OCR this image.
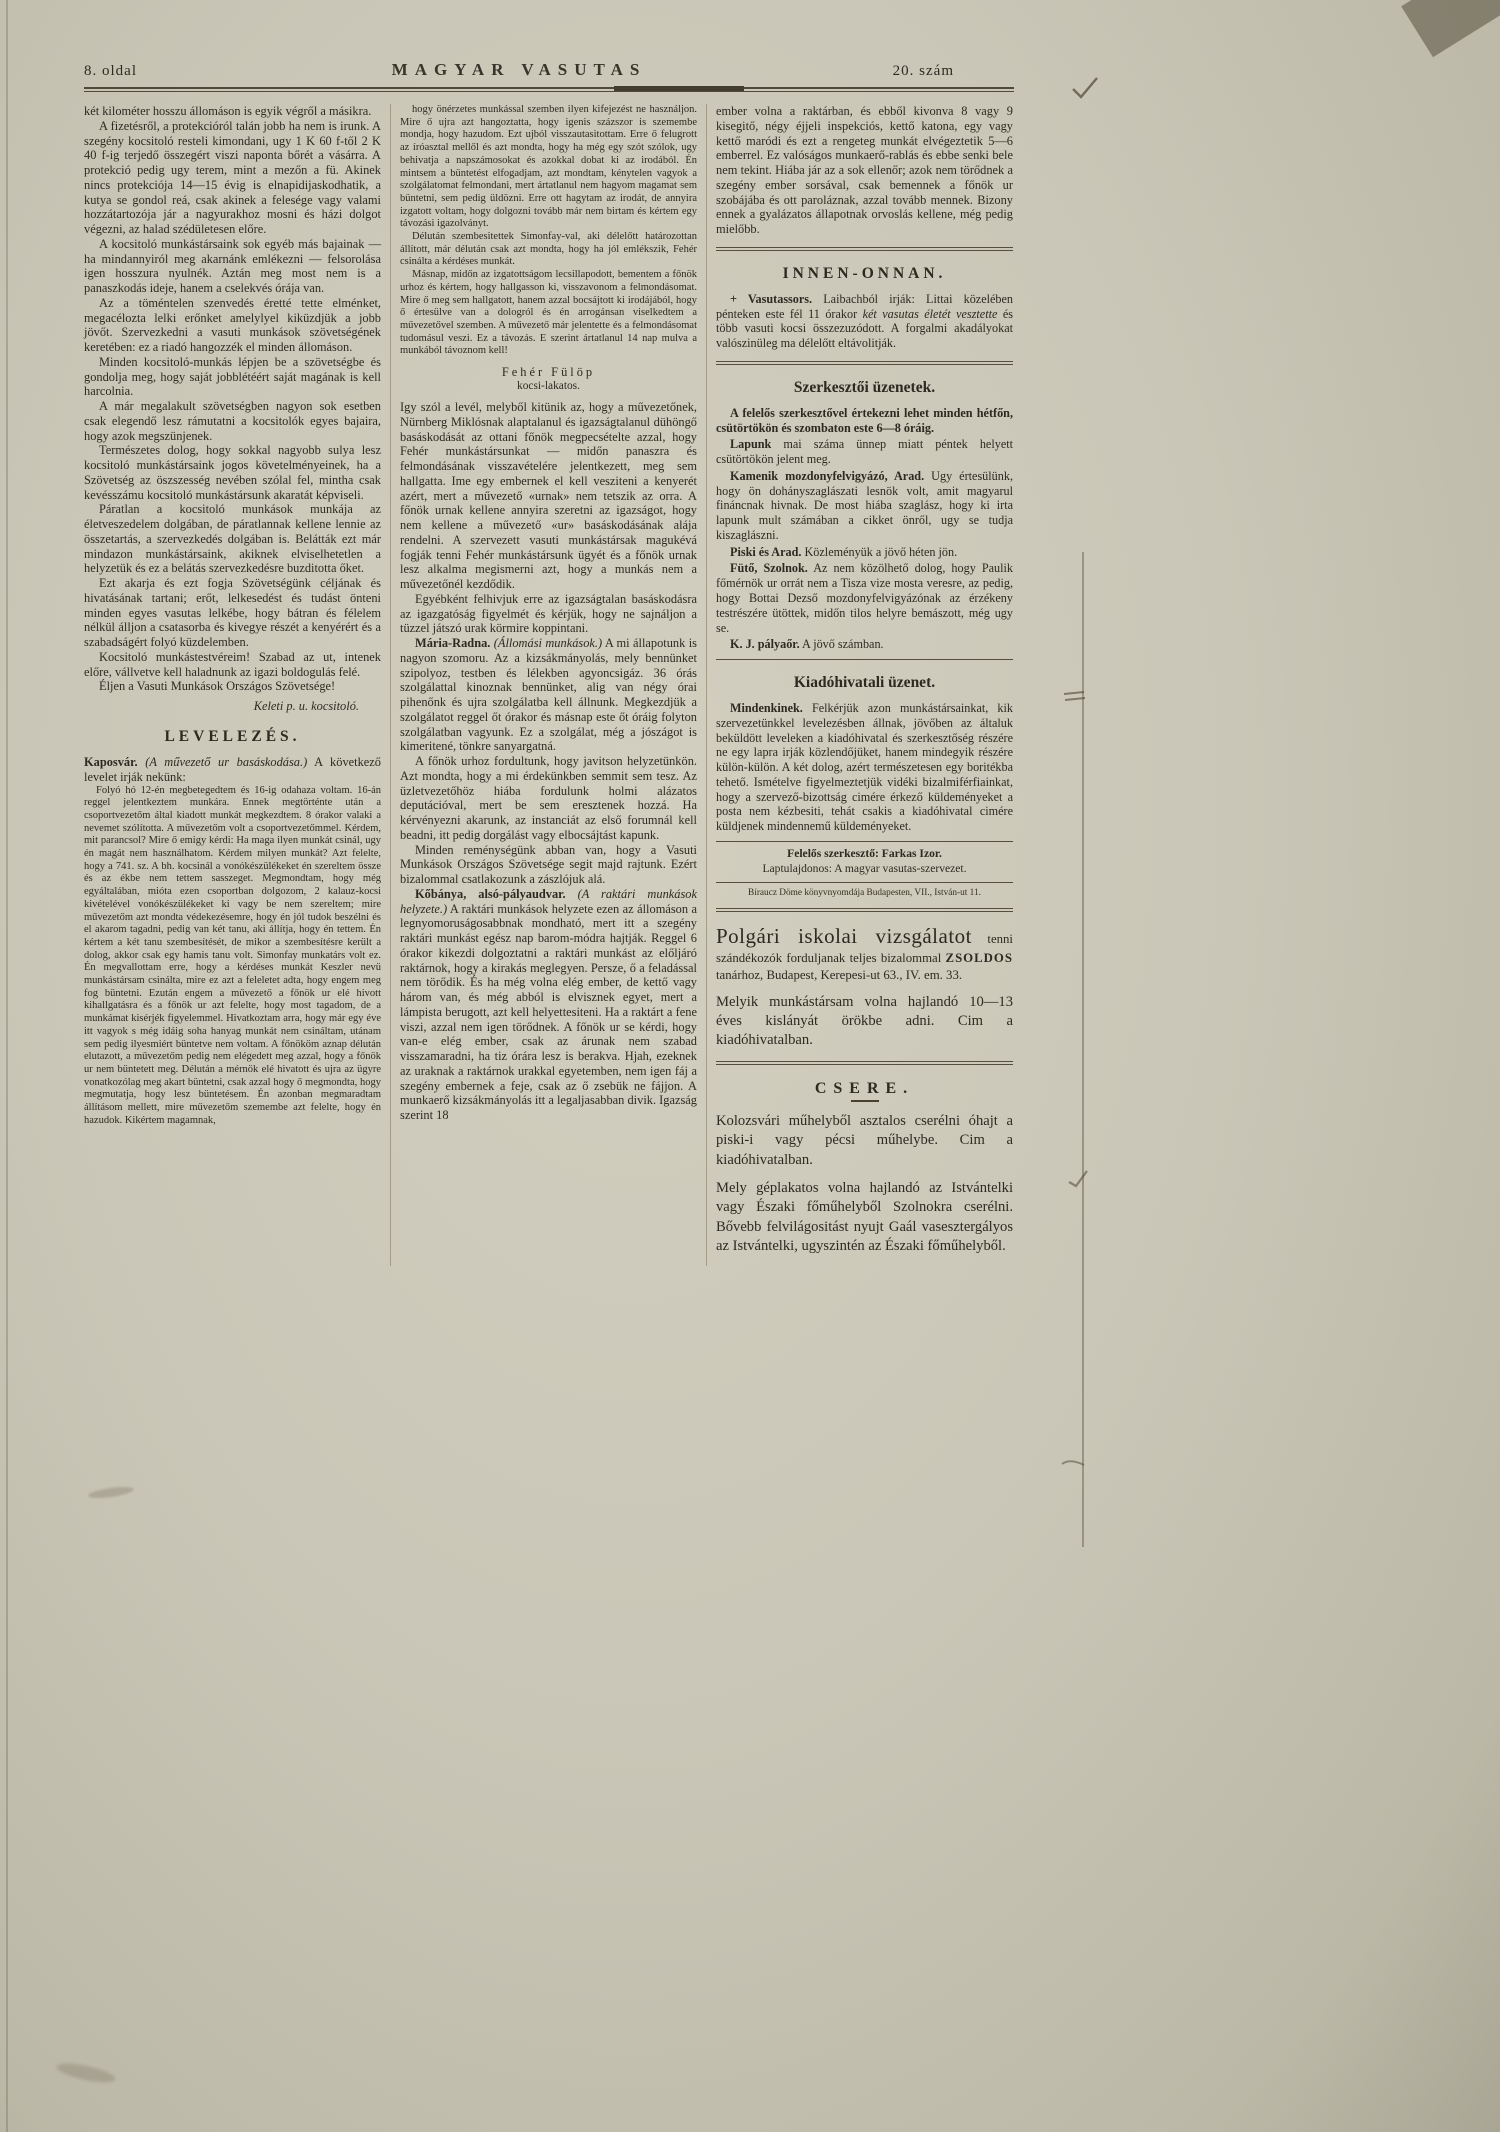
8. oldal	MAGYAR VASUTAS	20. szám

két kilométer hosszu állomáson is egyik végről a másikra.

A fizetésről, a protekcióról talán jobb ha nem is irunk. A szegény kocsitoló resteli kimondani, ugy 1 K 60 f-től 2 K 40 f-ig terjedő összegért viszi naponta bőrét a vásárra. A protekció pedig ugy terem, mint a mezőn a fü. Akinek nincs protekciója 14—15 évig is elnapidijaskodhatik, a kutya se gondol reá, csak akinek a felesége vagy valami hozzátartozója jár a nagyurakhoz mosni és házi dolgot végezni, az halad szédületesen előre.

A kocsitoló munkástársaink sok egyéb más bajainak — ha mindannyiról meg akarnánk emlékezni — felsorolása igen hosszura nyulnék. Aztán meg most nem is a panaszkodás ideje, hanem a cselekvés órája van.

Az a töméntelen szenvedés éretté tette elménket, megacélozta lelki erőnket amelylyel kiküzdjük a jobb jövőt. Szervezkedni a vasuti munkások szövetségének keretében: ez a riadó hangozzék el minden állomáson.

Minden kocsitoló-munkás lépjen be a szövetségbe és gondolja meg, hogy saját jobblétéért saját magának is kell harcolnia.

A már megalakult szövetségben nagyon sok esetben csak elegendő lesz rámutatni a kocsitolók egyes bajaira, hogy azok megszünjenek.

Természetes dolog, hogy sokkal nagyobb sulya lesz kocsitoló munkástársaink jogos követelményeinek, ha a Szövetség az öszszesség nevében szólal fel, mintha csak kevésszámu kocsitoló munkástársunk akaratát képviseli.

Páratlan a kocsitoló munkások munkája az életveszedelem dolgában, de páratlannak kellene lennie az összetartás, a szervezkedés dolgában is. Belátták ezt már mindazon munkástársaink, akiknek elviselhetetlen a helyzetük és ez a belátás szervezkedésre buzditotta őket.

Ezt akarja és ezt fogja Szövetségünk céljának és hivatásának tartani; erőt, lelkesedést és tudást önteni minden egyes vasutas lelkébe, hogy bátran és félelem nélkül álljon a csatasorba és kivegye részét a kenyérért és a szabadságért folyó küzdelemben.

Kocsitoló munkástestvéreim! Szabad az ut, intenek előre, vállvetve kell haladnunk az igazi boldogulás felé.

Éljen a Vasuti Munkások Országos Szövetsége!

Keleti p. u. kocsitoló.

LEVELEZÉS.

Kaposvár. (A művezető ur basáskodása.) A következő levelet irják nekünk:

Folyó hó 12-én megbetegedtem és 16-ig odahaza voltam. 16-án reggel jelentkeztem munkára. Ennek megtörténte után a csoportvezetőm által kiadott munkát megkezdtem. 8 órakor valaki a nevemet szólította. A művezetőm volt a csoportvezetőmmel. Kérdem, mit parancsol? Mire ő emigy kérdi: Ha maga ilyen munkát csinál, ugy én magát nem használhatom. Kérdem milyen munkát? Azt felelte, hogy a 741. sz. A bh. kocsinál a vonókészülékeket én szereltem össze és az ékbe nem tettem sasszeget. Megmondtam, hogy még egyáltalában, mióta ezen csoportban dolgozom, 2 kalauz-kocsi kivételével vonókészülékeket ki vagy be nem szereltem; mire művezetőm azt mondta védekezésemre, hogy én jól tudok beszélni és el akarom tagadni, pedig van két tanu, aki állítja, hogy én tettem. Én kértem a két tanu szembesítését, de mikor a szembesítésre került a dolog, akkor csak egy hamis tanu volt. Simonfay munkatárs volt ez. Én megvallottam erre, hogy a kérdéses munkát Keszler nevü munkástársam csinálta, mire ez azt a feleletet adta, hogy engem meg fog büntetni. Ezután engem a művezető a főnök ur elé hivott kihallgatásra és a főnök ur azt felelte, hogy most tagadom, de a munkámat kisérjék figyelemmel. Hivatkoztam arra, hogy már egy éve itt vagyok s még idáig soha hanyag munkát nem csináltam, utánam sem pedig ilyesmiért büntetve nem voltam. A főnököm aznap délután elutazott, a művezetőm pedig nem elégedett meg azzal, hogy a főnök ur nem büntetett meg. Délután a mérnök elé hivatott és ujra az ügyre vonatkozólag meg akart büntetni, csak azzal hogy ő megmondta, hogy megmutatja, hogy lesz büntetésem. Én azonban megmaradtam állításom mellett, mire művezetőm szemembe azt felelte, hogy én hazudok. Kikértem magamnak,

hogy önérzetes munkással szemben ilyen kifejezést ne használjon. Mire ő ujra azt hangoztatta, hogy igenis százszor is szemembe mondja, hogy hazudom. Ezt ujból visszautasitottam. Erre ő felugrott az íróasztal mellől és azt mondta, hogy ha még egy szót szólok, ugy behivatja a napszámosokat és azokkal dobat ki az irodából. Én mintsem a büntetést elfogadjam, azt mondtam, kénytelen vagyok a szolgálatomat felmondani, mert ártatlanul nem hagyom magamat sem büntetni, sem pedig üldözni. Erre ott hagytam az irodát, de annyira izgatott voltam, hogy dolgozni tovább már nem birtam és kértem egy távozási igazolványt.

Délután szembesitettek Simonfay-val, aki délelőtt határozottan állított, már délután csak azt mondta, hogy ha jól emlékszik, Fehér csinálta a kérdéses munkát.

Másnap, midőn az izgatottságom lecsillapodott, bementem a főnök urhoz és kértem, hogy hallgasson ki, visszavonom a felmondásomat. Mire ő meg sem hallgatott, hanem azzal bocsájtott ki irodájából, hogy ő értesülve van a dologról és én arrogánsan viselkedtem a művezetővel szemben. A művezető már jelentette és a felmondásomat tudomásul veszi. Ez a távozás. E szerint ártatlanul 14 nap mulva a munkából távoznom kell!

Fehér Fülöp

kocsi-lakatos.

Igy szól a levél, melyből kitünik az, hogy a művezetőnek, Nürnberg Miklósnak alaptalanul és igazságtalanul dühöngő basáskodását az ottani főnök megpecsételte azzal, hogy Fehér munkástársunkat — midőn panaszra és felmondásának visszavételére jelentkezett, meg sem hallgatta. Ime egy embernek el kell vesziteni a kenyerét azért, mert a művezető «urnak» nem tetszik az orra. A főnök urnak kellene annyira szeretni az igazságot, hogy nem kellene a művezető «ur» basáskodásának alája rendelni. A szervezett vasuti munkástársak magukévá fogják tenni Fehér munkástársunk ügyét és a főnök urnak lesz alkalma megismerni azt, hogy a munkás nem a művezetőnél kezdődik.

Egyébként felhivjuk erre az igazságtalan basáskodásra az igazgatóság figyelmét és kérjük, hogy ne sajnáljon a tüzzel játszó urak körmire koppintani.

Mária-Radna. (Állomási munkások.) A mi állapotunk is nagyon szomoru. Az a kizsákmányolás, mely bennünket szipolyoz, testben és lélekben agyoncsigáz. 36 órás szolgálattal kinoznak bennünket, alig van négy órai pihenőnk és ujra szolgálatba kell állnunk. Megkezdjük a szolgálatot reggel őt órakor és másnap este őt óráig folyton szolgálatban vagyunk. Ez a szolgálat, még a jószágot is kimeritené, tönkre sanyargatná.

A főnök urhoz fordultunk, hogy javitson helyzetünkön. Azt mondta, hogy a mi érdekünkben semmit sem tesz. Az üzletvezetőhöz hiába fordulunk holmi alázatos deputációval, mert be sem eresztenek hozzá. Ha kérvényezni akarunk, az instanciát az első forumnál kell beadni, itt pedig dorgálást vagy elbocsájtást kapunk.

Minden reménységünk abban van, hogy a Vasuti Munkások Országos Szövetsége segit majd rajtunk. Ezért bizalommal csatlakozunk a zászlójuk alá.

Kőbánya, alsó-pályaudvar. (A raktári munkások helyzete.) A raktári munkások helyzete ezen az állomáson a legnyomoruságosabbnak mondható, mert itt a szegény raktári munkást egész nap barom-módra hajtják. Reggel 6 órakor kikezdi dolgoztatni a raktári munkást az előljáró raktárnok, hogy a kirakás meglegyen. Persze, ő a feladással nem törődik. És ha még volna elég ember, de kettő vagy három van, és még abból is elvisznek egyet, mert a lámpista berugott, azt kell helyettesiteni. Ha a raktárt a fene viszi, azzal nem igen törődnek. A főnök ur se kérdi, hogy van-e elég ember, csak az árunak nem szabad visszamaradni, ha tiz órára lesz is berakva. Hjah, ezeknek az uraknak a raktárnok urakkal egyetemben, nem igen fáj a szegény embernek a feje, csak az ő zsebük ne fájjon. A munkaerő kizsákmányolás itt a legaljasabban divik. Igazság szerint 18

ember volna a raktárban, és ebből kivonva 8 vagy 9 kisegitő, négy éjjeli inspekciós, kettő katona, egy vagy kettő maródi és ezt a rengeteg munkát elvégeztetik 5—6 emberrel. Ez valóságos munkaerő-rablás és ebbe senki bele nem tekint. Hiába jár az a sok ellenőr; azok nem törődnek a szegény ember sorsával, csak bemennek a főnök ur szobájába és ott paroláznak, azzal tovább mennek. Bizony ennek a gyalázatos állapotnak orvoslás kellene, még pedig mielőbb.

INNEN-ONNAN.

+ Vasutassors. Laibachból irják: Littai közelében pénteken este fél 11 órakor két vasutas életét vesztette és több vasuti kocsi összezuzódott. A forgalmi akadályokat valószinüleg ma délelőtt eltávolitják.

Szerkesztői üzenetek.

A felelős szerkesztővel értekezni lehet minden hétfőn, csütörtökön és szombaton este 6—8 óráig.

Lapunk mai száma ünnep miatt péntek helyett csütörtökön jelent meg.

Kamenik mozdonyfelvigyázó, Arad. Ugy értesülünk, hogy ön dohányszaglászati lesnök volt, amit magyarul fináncnak hivnak. De most hiába szaglász, hogy ki irta lapunk mult számában a cikket önről, ugy se tudja kiszaglászni.

Piski és Arad. Közleményük a jövő héten jön.

Fütő, Szolnok. Az nem közölhető dolog, hogy Paulik főmérnök ur orrát nem a Tisza vize mosta veresre, az pedig, hogy Bottai Dezső mozdonyfelvigyázónak az érzékeny testrészére ütöttek, midőn tilos helyre bemászott, még ugy se.

K. J. pályaőr. A jövő számban.

Kiadóhivatali üzenet.

Mindenkinek. Felkérjük azon munkástársainkat, kik szervezetünkkel levelezésben állnak, jövőben az általuk beküldött leveleken a kiadóhivatal és szerkesztőség részére ne egy lapra irják közlendőjüket, hanem mindegyik részére külön-külön. A két dolog, azért természetesen egy boritékba tehető. Ismételve figyelmeztetjük vidéki bizalmiférfiainkat, hogy a szervező-bizottság cimére érkező küldeményeket a posta nem kézbesiti, tehát csakis a kiadóhivatal cimére küldjenek mindennemű küldeményeket.

Felelős szerkesztő: Farkas Izor.

Laptulajdonos: A magyar vasutas-szervezet.

Bíraucz Döme könyvnyomdája Budapesten, VII., István-ut 11.

Polgári iskolai vizsgálatot tenni szándékozók forduljanak teljes bizalommal ZSOLDOS tanárhoz, Budapest, Kerepesi-ut 63., IV. em. 33.

Melyik munkástársam volna hajlandó 10—13 éves kislányát örökbe adni. Cim a kiadóhivatalban.

CSERE.

Kolozsvári műhelyből asztalos cserélni óhajt a piski-i vagy pécsi műhelybe. Cim a kiadóhivatalban.

Mely géplakatos volna hajlandó az Istvántelki vagy Északi főműhelyből Szolnokra cserélni. Bővebb felvilágositást nyujt Gaál vasesztergályos az Istvántelki, ugyszintén az Északi főműhelyből.
